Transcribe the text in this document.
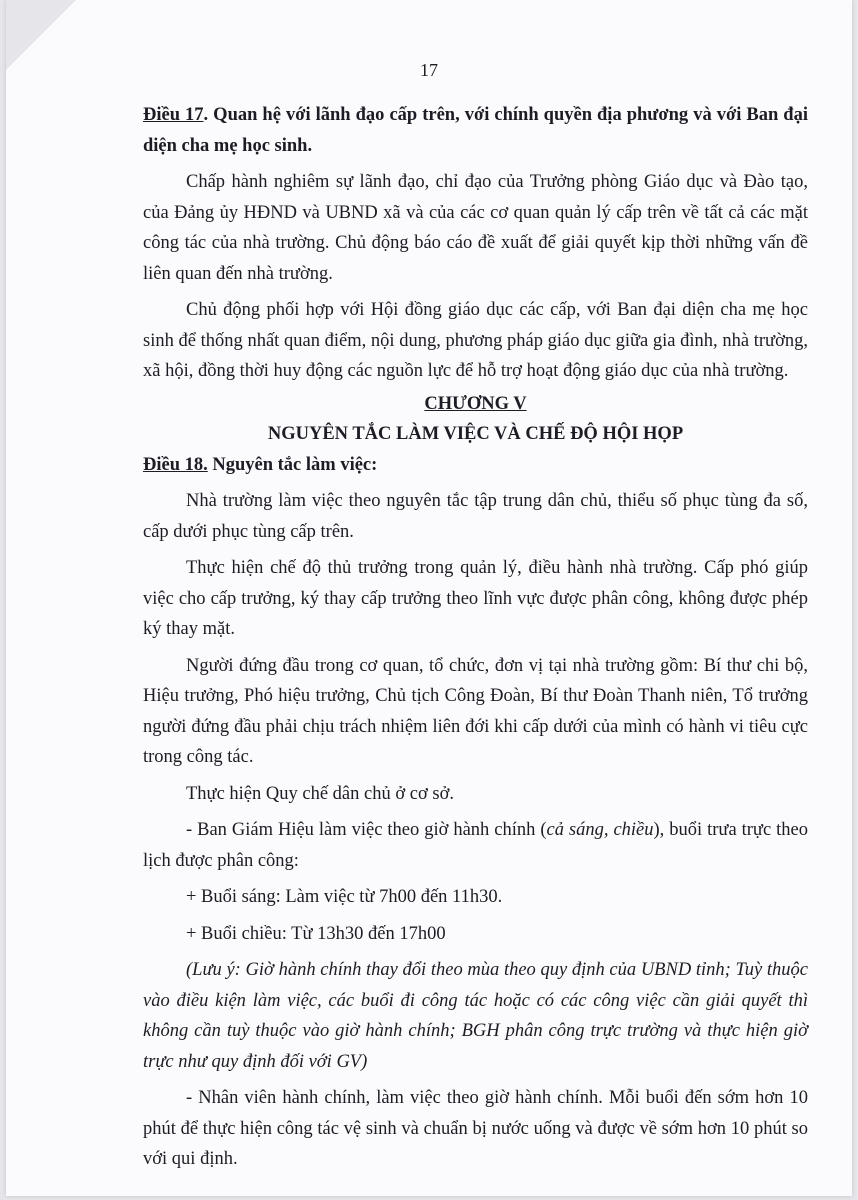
17

Điều 17. Quan hệ với lãnh đạo cấp trên, với chính quyền địa phương và với Ban đại diện cha mẹ học sinh.

Chấp hành nghiêm sự lãnh đạo, chỉ đạo của Trưởng phòng Giáo dục và Đào tạo, của Đảng ủy HĐND và UBND xã và của các cơ quan quản lý cấp trên về tất cả các mặt công tác của nhà trường. Chủ động báo cáo đề xuất để giải quyết kịp thời những vấn đề liên quan đến nhà trường.

Chủ động phối hợp với Hội đồng giáo dục các cấp, với Ban đại diện cha mẹ học sinh để thống nhất quan điểm, nội dung, phương pháp giáo dục giữa gia đình, nhà trường, xã hội, đồng thời huy động các nguồn lực để hỗ trợ hoạt động giáo dục của nhà trường.

CHƯƠNG V

NGUYÊN TẮC LÀM VIỆC VÀ CHẾ ĐỘ HỘI HỌP

Điều 18. Nguyên tắc làm việc:

Nhà trường làm việc theo nguyên tắc tập trung dân chủ, thiểu số phục tùng đa số, cấp dưới phục tùng cấp trên.

Thực hiện chế độ thủ trưởng trong quản lý, điều hành nhà trường. Cấp phó giúp việc cho cấp trưởng, ký thay cấp trưởng theo lĩnh vực được phân công, không được phép ký thay mặt.

Người đứng đầu trong cơ quan, tổ chức, đơn vị tại nhà trường gồm: Bí thư chi bộ, Hiệu trưởng, Phó hiệu trưởng, Chủ tịch Công Đoàn, Bí thư Đoàn Thanh niên, Tổ trưởng người đứng đầu phải chịu trách nhiệm liên đới khi cấp dưới của mình có hành vi tiêu cực trong công tác.

Thực hiện Quy chế dân chủ ở cơ sở.

- Ban Giám Hiệu làm việc theo giờ hành chính (cả sáng, chiều), buổi trưa trực theo lịch được phân công:

+ Buổi sáng: Làm việc từ 7h00 đến 11h30.

+ Buổi chiều: Từ 13h30 đến 17h00

(Lưu ý: Giờ hành chính thay đổi theo mùa theo quy định của UBND tỉnh; Tuỳ thuộc vào điều kiện làm việc, các buổi đi công tác hoặc có các công việc cần giải quyết thì không cần tuỳ thuộc vào giờ hành chính; BGH phân công trực trường và thực hiện giờ trực như quy định đối với GV)

- Nhân viên hành chính, làm việc theo giờ hành chính. Mỗi buổi đến sớm hơn 10 phút để thực hiện công tác vệ sinh và chuẩn bị nước uống và được về sớm hơn 10 phút so với qui định.
